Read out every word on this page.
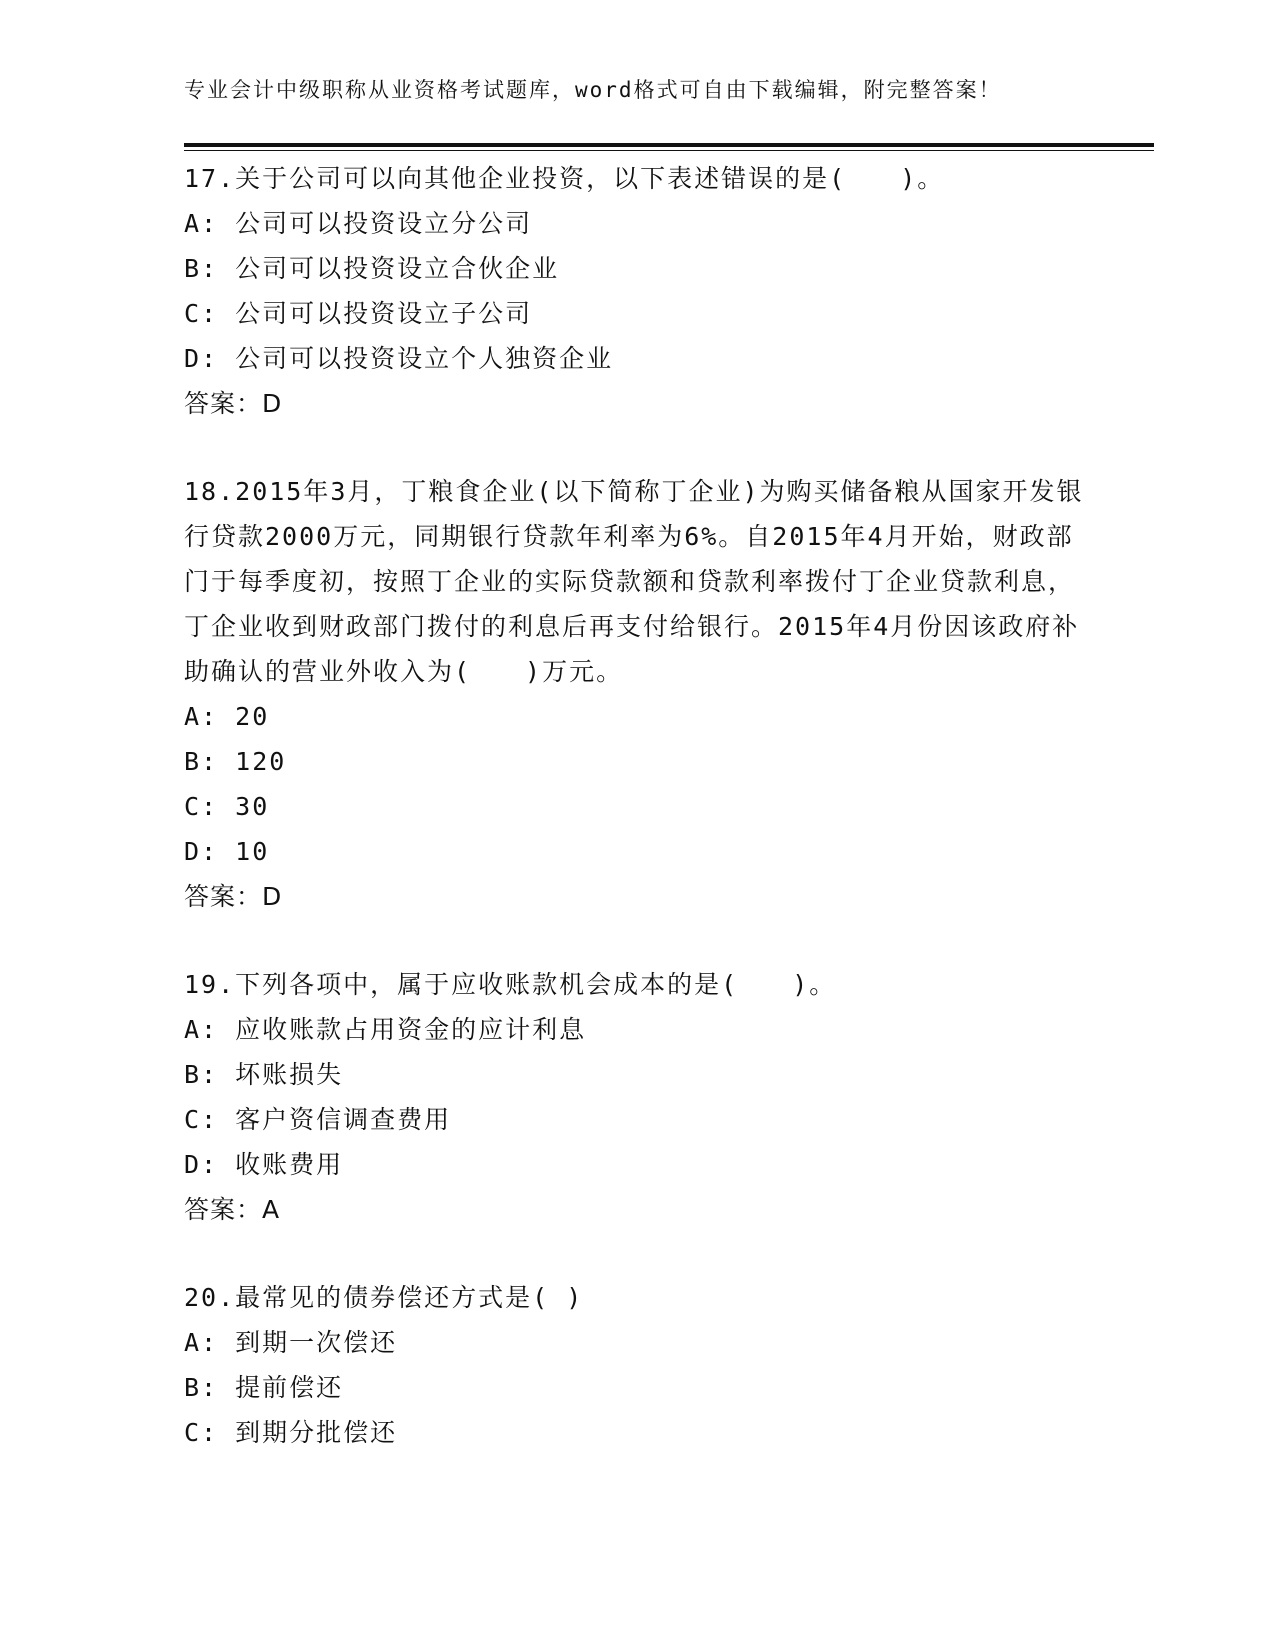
专业会计中级职称从业资格考试题库，word格式可自由下载编辑，附完整答案！
17.关于公司可以向其他企业投资，以下表述错误的是(　　)。
A: 公司可以投资设立分公司
B: 公司可以投资设立合伙企业
C: 公司可以投资设立子公司
D: 公司可以投资设立个人独资企业
答案：D
18.2015年3月，丁粮食企业(以下简称丁企业)为购买储备粮从国家开发银行贷款2000万元，同期银行贷款年利率为6%。自2015年4月开始，财政部门于每季度初，按照丁企业的实际贷款额和贷款利率拨付丁企业贷款利息，丁企业收到财政部门拨付的利息后再支付给银行。2015年4月份因该政府补助确认的营业外收入为(　　)万元。
A: 20
B: 120
C: 30
D: 10
答案：D
19.下列各项中，属于应收账款机会成本的是(　　)。
A: 应收账款占用资金的应计利息
B: 坏账损失
C: 客户资信调查费用
D: 收账费用
答案：A
20.最常见的债券偿还方式是( )
A: 到期一次偿还
B: 提前偿还
C: 到期分批偿还
